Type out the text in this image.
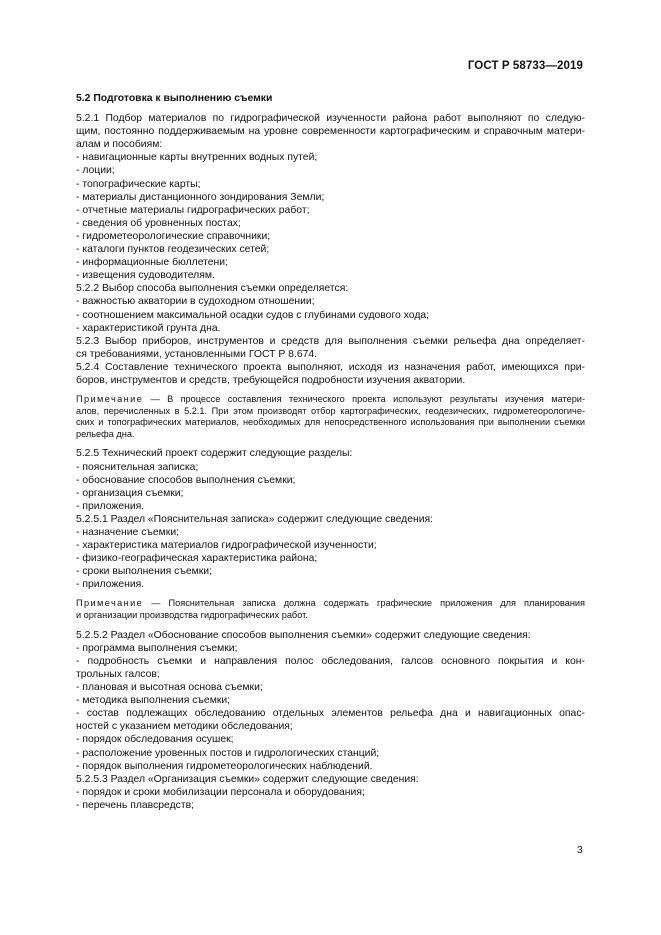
ГОСТ Р 58733—2019
5.2 Подготовка к выполнению съемки
5.2.1 Подбор материалов по гидрографической изученности района работ выполняют по следую-
щим, постоянно поддерживаемым на уровне современности картографическим и справочным матери-
алам и пособиям:
- навигационные карты внутренних водных путей;
- лоции;
- топографические карты;
- материалы дистанционного зондирования Земли;
- отчетные материалы гидрографических работ;
- сведения об уровненных постах;
- гидрометеорологические справочники;
- каталоги пунктов геодезических сетей;
- информационные бюллетени;
- извещения судоводителям.
5.2.2 Выбор способа выполнения съемки определяется:
- важностью акватории в судоходном отношении;
- соотношением максимальной осадки судов с глубинами судового хода;
- характеристикой грунта дна.
5.2.3 Выбор приборов, инструментов и средств для выполнения съемки рельефа дна определяет-
ся требованиями, установленными ГОСТ Р 8.674.
5.2.4 Составление технического проекта выполняют, исходя из назначения работ, имеющихся при-
боров, инструментов и средств, требующейся подробности изучения акватории.
Примечание — В процессе составления технического проекта используют результаты изучения матери-
алов, перечисленных в 5.2.1. При этом производят отбор картографических, геодезических, гидрометеорологиче-
ских и топографических материалов, необходимых для непосредственного использования при выполнении съемки
рельефа дна.
5.2.5 Технический проект содержит следующие разделы:
- пояснительная записка;
- обоснование способов выполнения съемки;
- организация съемки;
- приложения.
5.2.5.1 Раздел «Пояснительная записка» содержит следующие сведения:
- назначение съемки;
- характеристика материалов гидрографической изученности;
- физико-географическая характеристика района;
- сроки выполнения съемки;
- приложения.
Примечание — Пояснительная записка должна содержать графические приложения для планирования
и организации производства гидрографических работ.
5.2.5.2 Раздел «Обоснование способов выполнения съемки» содержит следующие сведения:
- программа выполнения съемки;
- подробность съемки и направления полос обследования, галсов основного покрытия и кон-
трольных галсов;
- плановая и высотная основа съемки;
- методика выполнения съемки;
- состав подлежащих обследованию отдельных элементов рельефа дна и навигационных опас-
ностей с указанием методики обследования;
- порядок обследования осушек;
- расположение уровенных постов и гидрологических станций;
- порядок выполнения гидрометеорологических наблюдений.
5.2.5.3 Раздел «Организация съемки» содержит следующие сведения:
- порядок и сроки мобилизации персонала и оборудования;
- перечень плавсредств;
3
